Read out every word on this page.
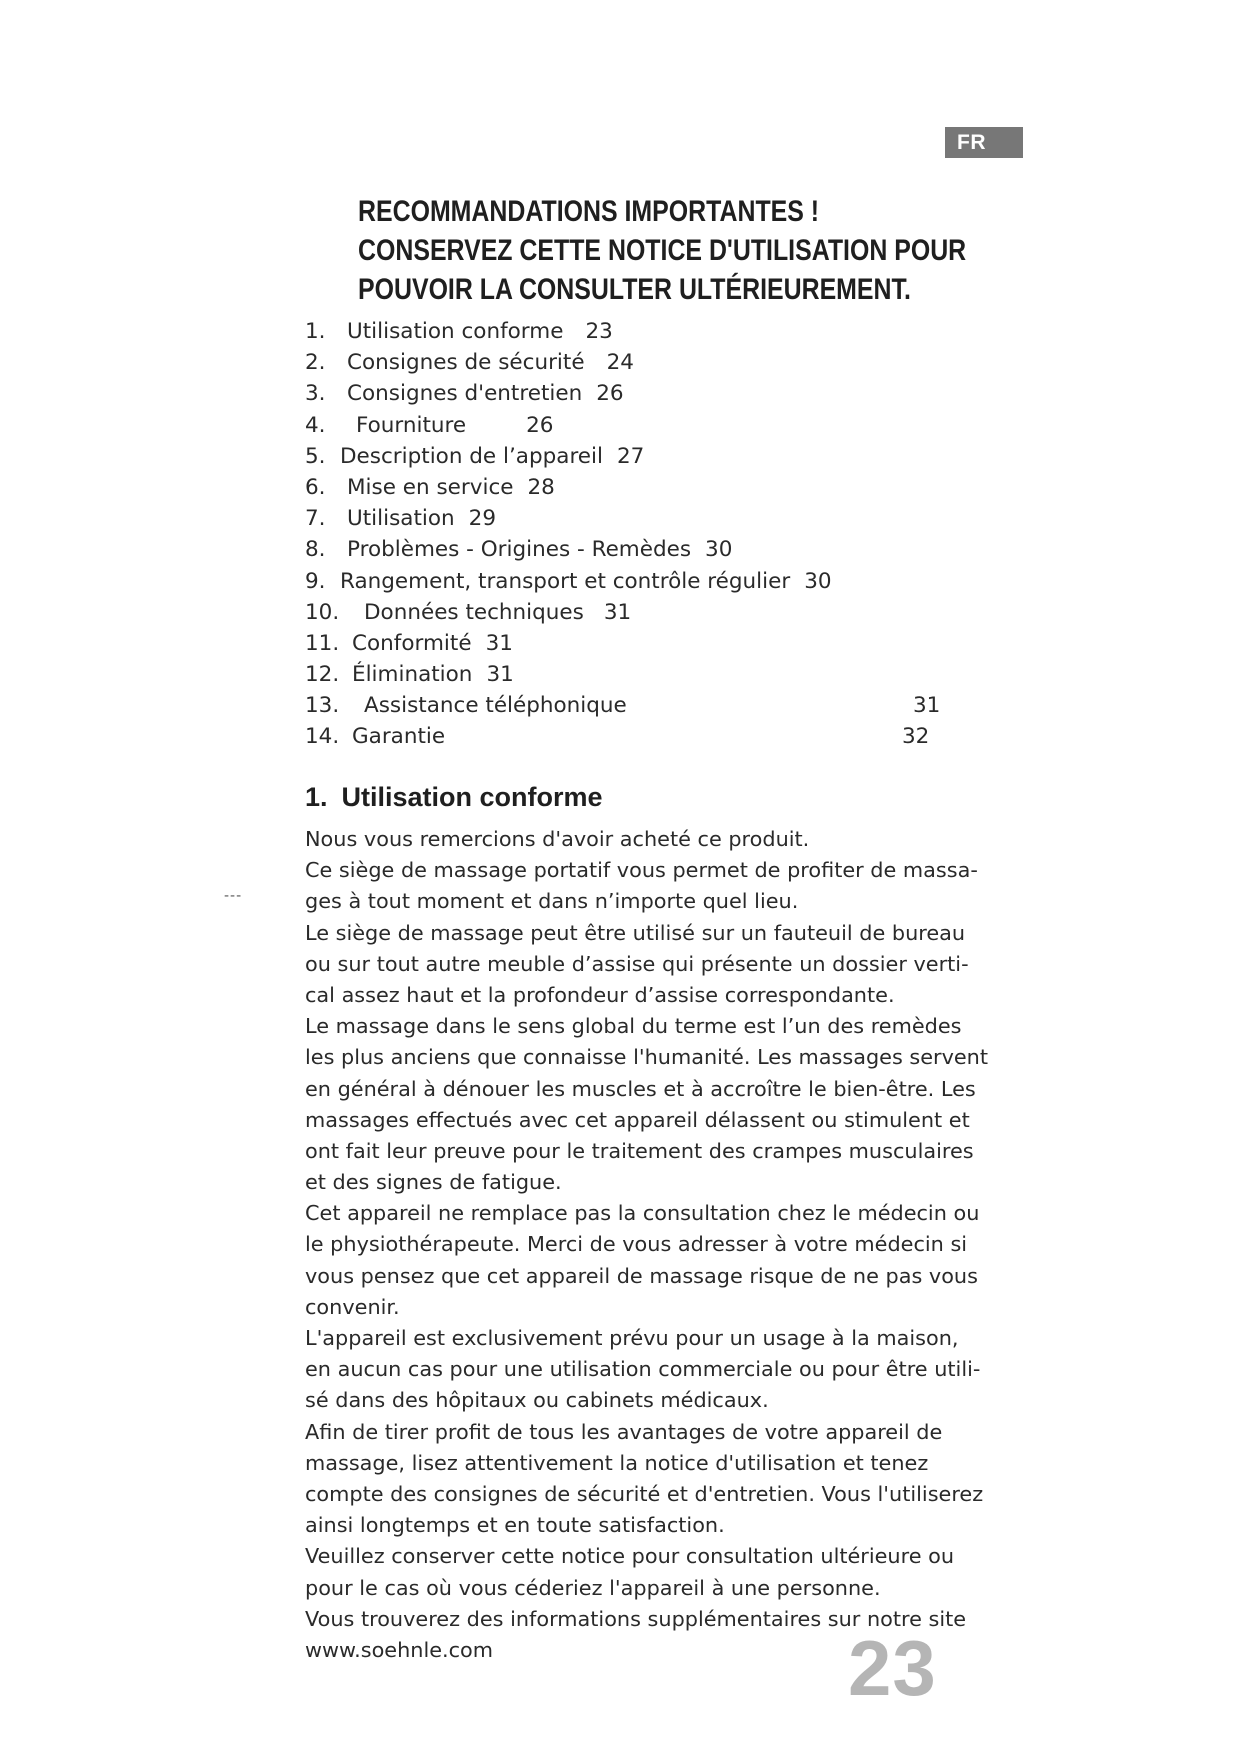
FR
RECOMMANDATIONS IMPORTANTES !
CONSERVEZ CETTE NOTICE D'UTILISATION POUR
POUVOIR LA CONSULTER ULTÉRIEUREMENT.
1. Utilisation conforme 23
2. Consignes de sécurité 24
3. Consignes d'entretien 26
4. Fourniture	26
5. Description de l’appareil 27
6. Mise en service 28
7. Utilisation 29
8. Problèmes - Origines - Remèdes 30
9. Rangement, transport et contrôle régulier 30
10. Données techniques 31
11. Conformité 31
12. Élimination 31
13. Assistance téléphonique	31
14. Garantie	32
1. Utilisation conforme
---
Nous vous remercions d'avoir acheté ce produit.
Ce siège de massage portatif vous permet de profiter de massa-
ges à tout moment et dans n’importe quel lieu.
Le siège de massage peut être utilisé sur un fauteuil de bureau
ou sur tout autre meuble d’assise qui présente un dossier verti-
cal assez haut et la profondeur d’assise correspondante.
Le massage dans le sens global du terme est l’un des remèdes
les plus anciens que connaisse l'humanité. Les massages servent
en général à dénouer les muscles et à accroître le bien-être. Les
massages effectués avec cet appareil délassent ou stimulent et
ont fait leur preuve pour le traitement des crampes musculaires
et des signes de fatigue.
Cet appareil ne remplace pas la consultation chez le médecin ou
le physiothérapeute. Merci de vous adresser à votre médecin si
vous pensez que cet appareil de massage risque de ne pas vous
convenir.
L'appareil est exclusivement prévu pour un usage à la maison,
en aucun cas pour une utilisation commerciale ou pour être utili-
sé dans des hôpitaux ou cabinets médicaux.
Afin de tirer profit de tous les avantages de votre appareil de
massage, lisez attentivement la notice d'utilisation et tenez
compte des consignes de sécurité et d'entretien. Vous l'utiliserez
ainsi longtemps et en toute satisfaction.
Veuillez conserver cette notice pour consultation ultérieure ou
pour le cas où vous céderiez l'appareil à une personne.
Vous trouverez des informations supplémentaires sur notre site
www.soehnle.com	23
